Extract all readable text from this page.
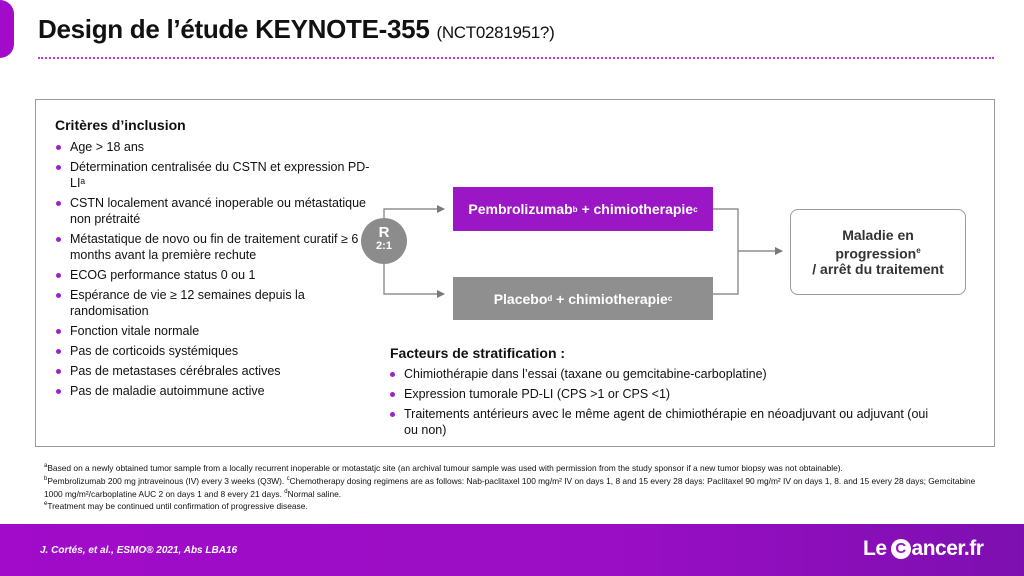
Design de l’étude KEYNOTE-355 (NCT0281951?)
Critères d’inclusion
Age > 18 ans
Détermination centralisée du CSTN et expression PD-LIᵃ
CSTN localement avancé inoperable ou métastatique non prétraité
Métastatique de novo ou fin de traitement curatif ≥ 6 months avant la première rechute
ECOG performance status 0 ou 1
Espérance de vie ≥ 12 semaines depuis la randomisation
Fonction vitale normale
Pas de corticoids systémiques
Pas de metastases cérébrales actives
Pas de maladie autoimmune active
R
2:1
Pembrolizumab b + chimiotherapie c
Placebo d + chimiotherapie c
Maladie en
progression$^e$
/ arrêt du traitement
Facteurs de stratification :
Chimiothérapie dans l’essai (taxane ou gemcitabine-carboplatine)
Expression tumorale PD-LI (CPS >1 or CPS <1)
Traitements antérieurs avec le même agent de chimiothérapie en néoadjuvant ou adjuvant (oui ou non)

$^a$Based on a newly obtained tumor sample from a locally recurrent inoperable or motastatjc site (an archival tumour sample was used with permission from the study sponsor if a new tumor biopsy was not obtainable).

$^b$Pembrolizumab 200 mg jntraveinous (IV) every 3 weeks (Q3W). $^c$Chemotherapy dosing regimens are as follows: Nab-paclitaxel 100 mg/m² IV on days 1, 8 and 15 every 28 days: Paclitaxel 90 mg/m² IV on days 1, 8. and 15 every 28 days; Gemcitabine 1000 mg/m²/carboplatine AUC 2 on days 1 and 8 every 21 days. $^d$Normal saline.

$^e$Treatment may be continued until confirmation of progressive disease.

J. Cortés, et al., ESMO® 2021, Abs LBA16	Le C ancer.fr
